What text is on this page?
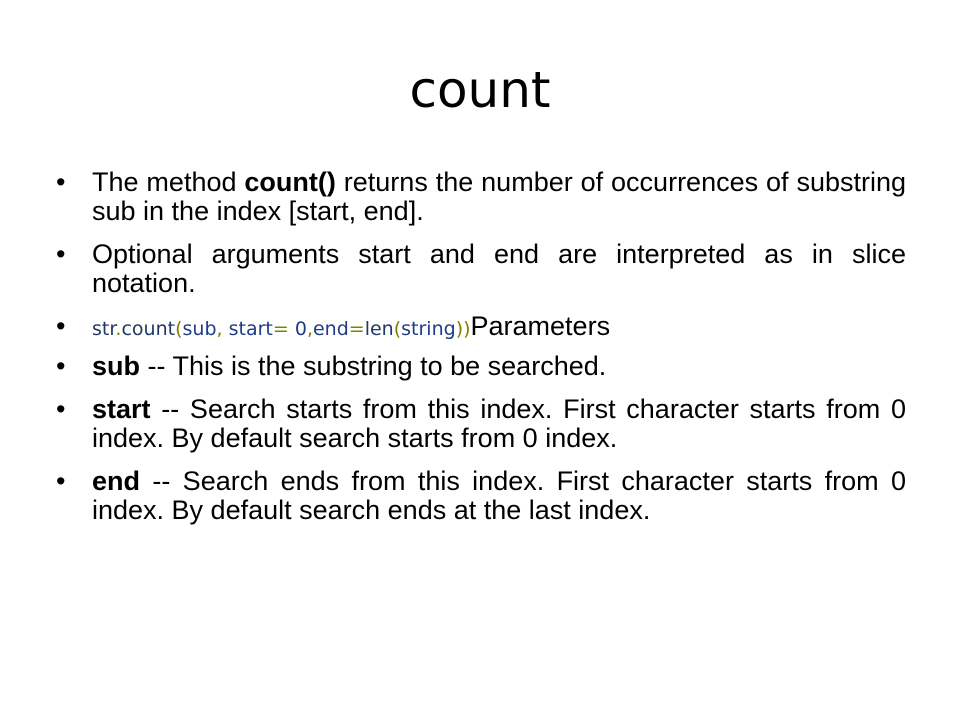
count
• The method count() returns the number of occurrences of substring sub in the index [start, end].
• Optional arguments start and end are interpreted as in slice notation.
•	str.count(sub, start= 0,end=len(string))Parameters
• sub -- This is the substring to be searched.
• start -- Search starts from this index. First character starts from 0 index. By default search starts from 0 index.
• end -- Search ends from this index. First character starts from 0 index. By default search ends at the last index.
